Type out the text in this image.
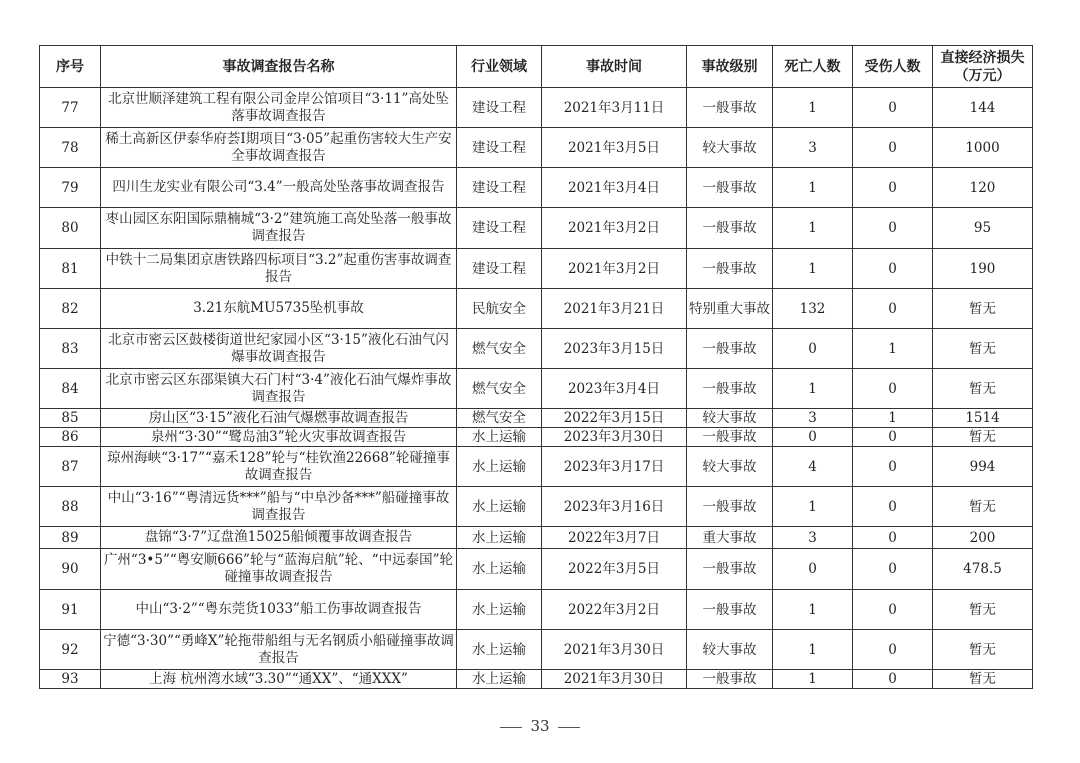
序号	事故调查报告名称	行业领域	事故时间	事故级别	死亡人数	受伤人数	直接经济损失（万元）
77	北京世顺泽建筑工程有限公司金岸公馆项目“3·11”高处坠落事故调查报告	建设工程	2021年3月11日	一般事故	1	0	144
78	稀土高新区伊泰华府荟Ⅰ期项目“3·05”起重伤害较大生产安全事故调查报告	建设工程	2021年3月5日	较大事故	3	0	1000
79	四川生龙实业有限公司“3.4”一般高处坠落事故调查报告	建设工程	2021年3月4日	一般事故	1	0	120
80	枣山园区东阳国际鼎楠城“3·2”建筑施工高处坠落一般事故调查报告	建设工程	2021年3月2日	一般事故	1	0	95
81	中铁十二局集团京唐铁路四标项目“3.2”起重伤害事故调查报告	建设工程	2021年3月2日	一般事故	1	0	190
82	3.21东航MU5735坠机事故	民航安全	2021年3月21日	特别重大事故	132	0	暂无
83	北京市密云区鼓楼街道世纪家园小区“3·15”液化石油气闪爆事故调查报告	燃气安全	2023年3月15日	一般事故	0	1	暂无
84	北京市密云区东邵渠镇大石门村“3·4”液化石油气爆炸事故调查报告	燃气安全	2023年3月4日	一般事故	1	0	暂无
85	房山区“3·15”液化石油气爆燃事故调查报告	燃气安全	2022年3月15日	较大事故	3	1	1514
86	泉州“3·30”“鹭岛油3”轮火灾事故调查报告	水上运输	2023年3月30日	一般事故	0	0	暂无
87	琼州海峡“3·17”“嘉禾128”轮与“桂钦渔22668”轮碰撞事故调查报告	水上运输	2023年3月17日	较大事故	4	0	994
88	中山“3·16”“粤清远货***”船与“中阜沙备***”船碰撞事故调查报告	水上运输	2023年3月16日	一般事故	1	0	暂无
89	盘锦“3·7”辽盘渔15025船倾覆事故调查报告	水上运输	2022年3月7日	重大事故	3	0	200
90	广州“3•5”“粤安顺666”轮与“蓝海启航”轮、“中远泰国”轮碰撞事故调查报告	水上运输	2022年3月5日	一般事故	0	0	478.5
91	中山“3·2”“粤东莞货1033”船工伤事故调查报告	水上运输	2022年3月2日	一般事故	1	0	暂无
92	宁德“3·30”“勇峰X”轮拖带船组与无名钢质小船碰撞事故调查报告	水上运输	2021年3月30日	较大事故	1	0	暂无
93	上海 杭州湾水域“3.30”“通XX”、“通XXX”	水上运输	2021年3月30日	一般事故	1	0	暂无
33
